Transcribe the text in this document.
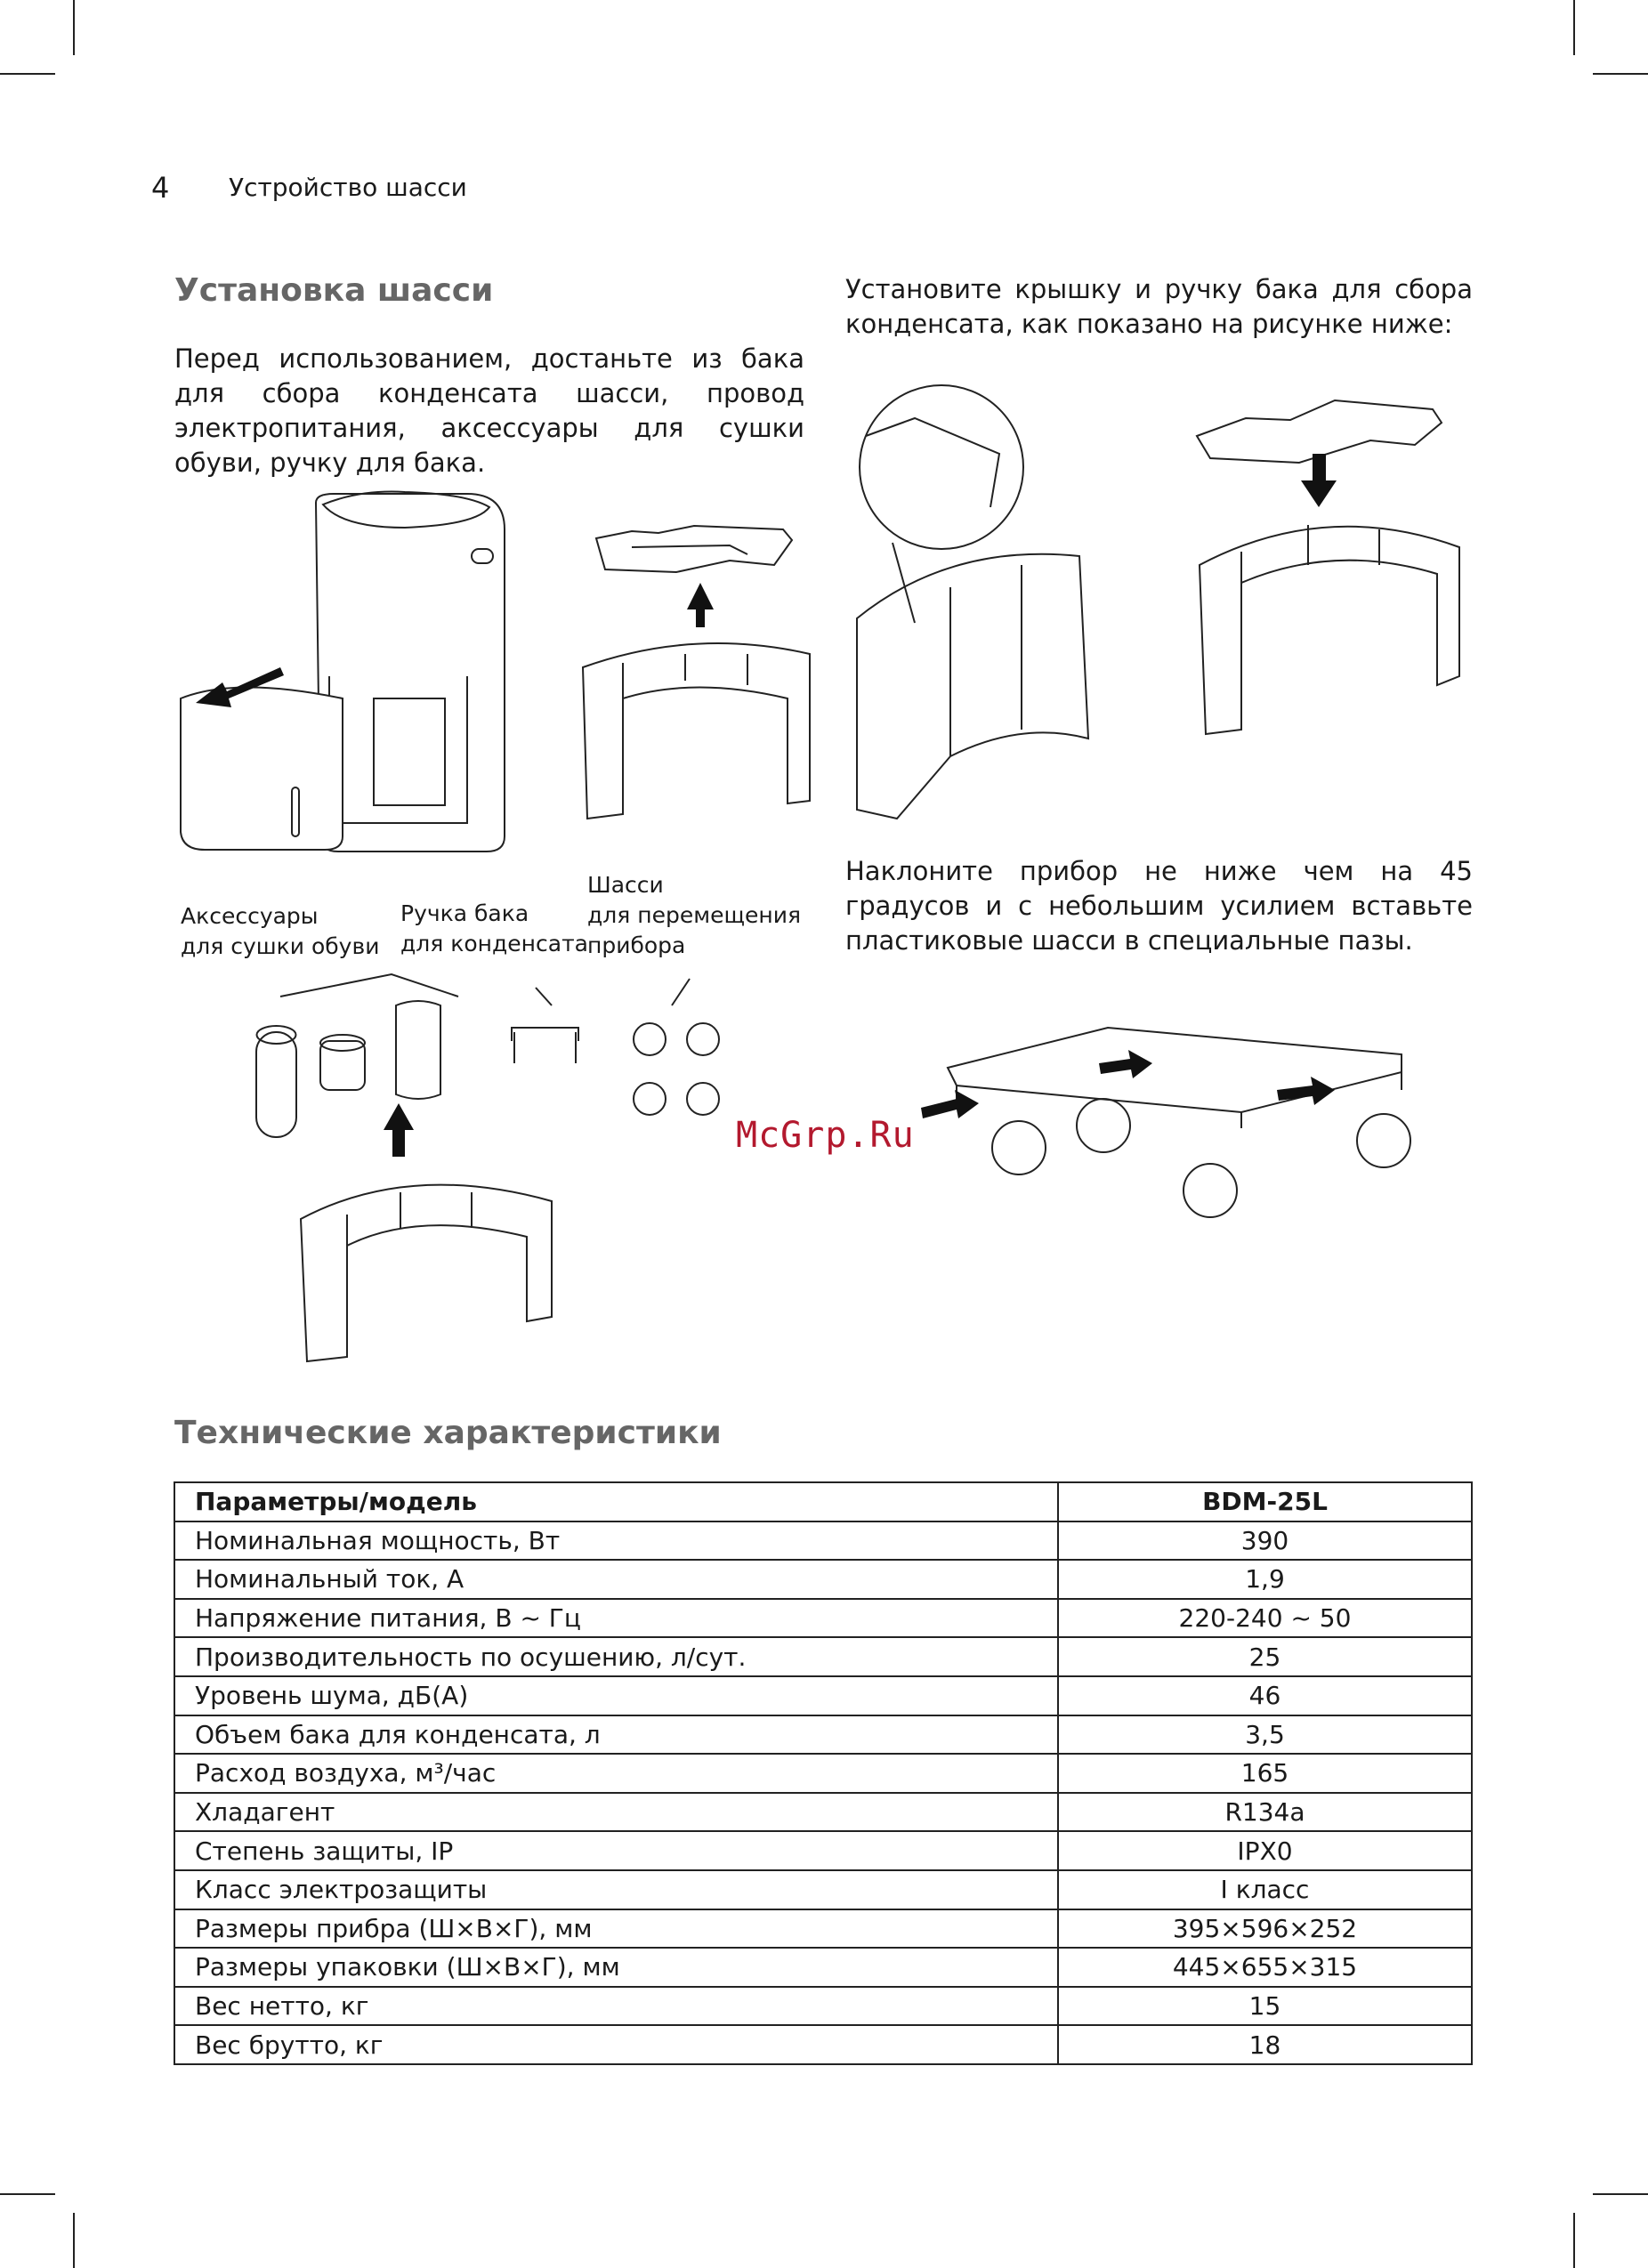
4 Устройство шасси
Установка шасси
Перед использованием, достаньте из бака для сбора конденсата шасси, провод электропитания, аксессуары для сушки обуви, ручку для бака.
Установите крышку и ручку бака для сбора конденсата, как показано на рисунке ниже:
Наклоните прибор не ниже чем на 45 градусов и с небольшим усилием вставьте пластиковые шасси в специальные пазы.
Аксессуары
для сушки обуви
Ручка бака
для конденсата
Шасси
для перемещения
прибора
McGrp.Ru
Технические характеристики
Параметры/модель	BDM-25L
Номинальная мощность, Вт	390
Номинальный ток, А	1,9
Напряжение питания, В ~ Гц	220-240 ~ 50
Производительность по осушению, л/сут.	25
Уровень шума, дБ(А)	46
Объем бака для конденсата, л	3,5
Расход воздуха, м³/час	165
Хладагент	R134a
Степень защиты, IP	IPX0
Класс электрозащиты	I класс
Размеры прибра (Ш×В×Г), мм	395×596×252
Размеры упаковки (Ш×В×Г), мм	445×655×315
Вес нетто, кг	15
Вес брутто, кг	18
